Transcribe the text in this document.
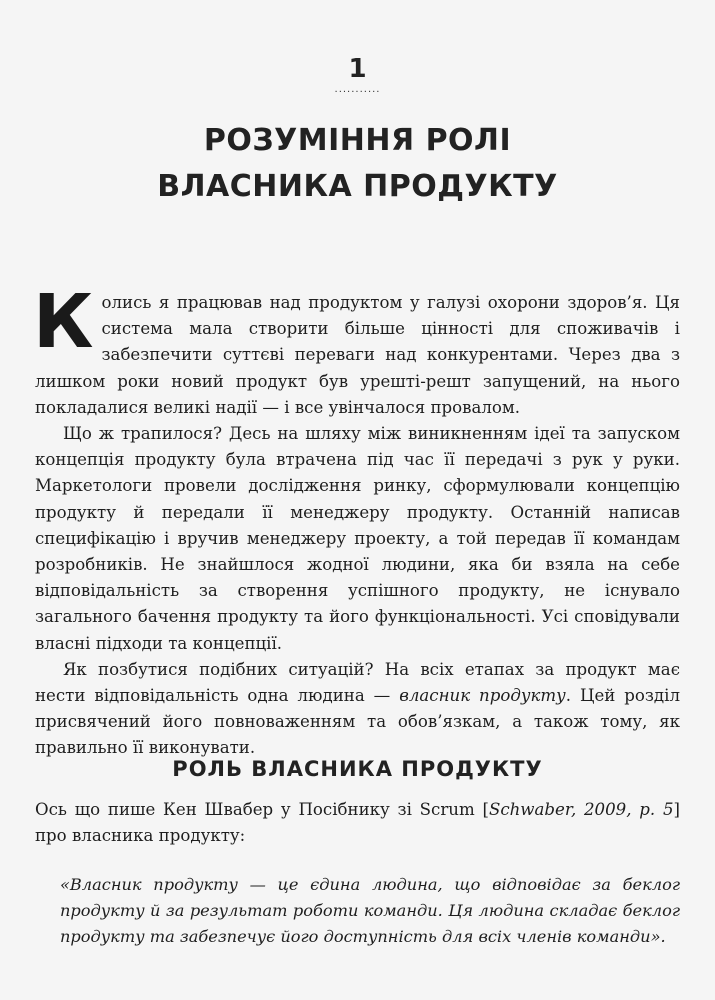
1
...........
РОЗУМІННЯ РОЛІ
ВЛАСНИКА ПРОДУКТУ

Колись я працював над продуктом у галузі охорони здоров’я. Ця система мала створити більше цінності для споживачів і забезпечити суттєві переваги над конкурентами. Через два з лишком роки новий продукт був урешті-решт запущений, на нього покладалися великі надії — і все увінчалося провалом.

Що ж трапилося? Десь на шляху між виникненням ідеї та запуском концепція продукту була втрачена під час її передачі з рук у руки. Маркетологи провели дослідження ринку, сформулювали концепцію продукту й передали її менеджеру продукту. Останній написав специфікацію і вручив менеджеру проекту, а той передав її командам розробників. Не знайшлося жодної людини, яка би взяла на себе відповідальність за створення успішного продукту, не існувало загального бачення продукту та його функціональності. Усі сповідували власні підходи та концепції.

Як позбутися подібних ситуацій? На всіх етапах за продукт має нести відповідальність одна людина — власник продукту. Цей розділ присвячений його повноваженням та обов’язкам, а також тому, як правильно її виконувати.

РОЛЬ ВЛАСНИКА ПРОДУКТУ

Ось що пише Кен Швабер у Посібнику зі Scrum [Schwaber, 2009, p. 5] про власника продукту:

«Власник продукту — це єдина людина, що відповідає за беклог продукту й за результат роботи команди. Ця людина складає беклог продукту та забезпечує його доступність для всіх членів команди».
